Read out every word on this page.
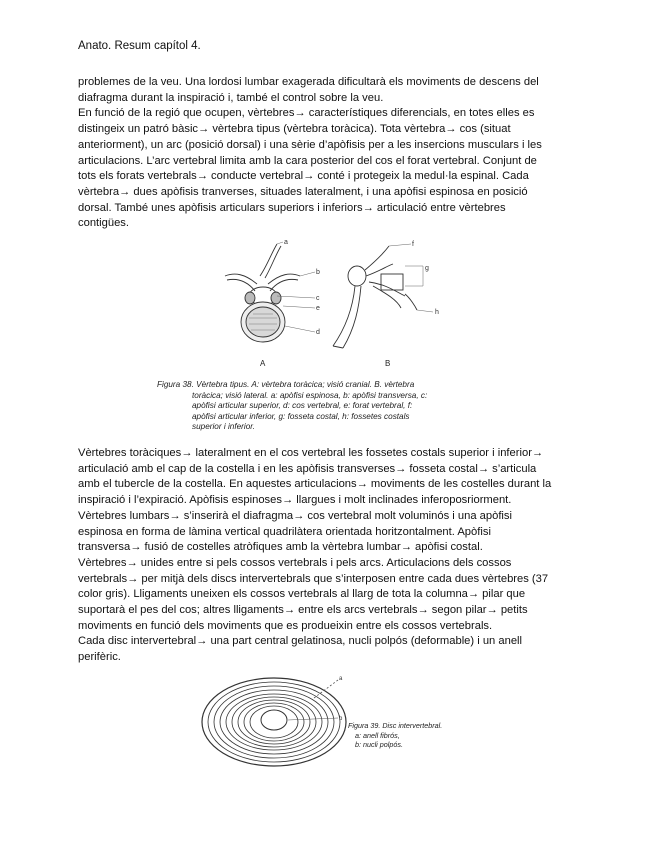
Anato. Resum capítol 4.

problemes de la veu. Una lordosi lumbar exagerada dificultarà els moviments de descens del

diafragma durant la inspiració i, també el control sobre la veu.

En funció de la regió que ocupen, vèrtebres→ característiques diferencials, en totes elles es

distingeix un patró bàsic→ vèrtebra tipus (vèrtebra toràcica). Tota vèrtebra→ cos (situat

anteriorment), un arc (posició dorsal) i una sèrie d’apòfisis per a les insercions musculars i les

articulacions. L’arc vertebral limita amb la cara posterior del cos el forat vertebral. Conjunt de

tots els forats vertebrals→ conducte vertebral→ conté i protegeix la medul·la espinal. Cada

vèrtebra→ dues apòfisis tranverses, situades lateralment, i una apòfisi espinosa en posició

dorsal. També unes apòfisis articulars superiors i inferiors→ articulació entre vèrtebres

contigües.

a
b
c
e
d
f
g
h
A	B
Figura 38. Vèrtebra tipus. A: vèrtebra toràcica; visió cranial. B. vèrtebra
toràcica; visió lateral. a: apòfisi espinosa, b: apòfisi transversa, c:
apòfisi articular superior, d: cos vertebral, e: forat vertebral, f:
apòfisi articular inferior, g: fosseta costal, h: fossetes costals
superior i inferior.

Vèrtebres toràciques→ lateralment en el cos vertebral les fossetes costals superior i inferior→

articulació amb el cap de la costella i en les apòfisis transverses→ fosseta costal→ s’articula

amb el tubercle de la costella. En aquestes articulacions→ moviments de les costelles durant la

inspiració i l’expiració. Apòfisis espinoses→ llargues i molt inclinades inferoposriorment.

Vèrtebres lumbars→ s’inserirà el diafragma→ cos vertebral molt voluminós i una apòfisi

espinosa en forma de làmina vertical quadrilàtera orientada horitzontalment. Apòfisi

transversa→ fusió de costelles atròfiques amb la vèrtebra lumbar→ apòfisi costal.

Vèrtebres→ unides entre si pels cossos vertebrals i pels arcs. Articulacions dels cossos

vertebrals→ per mitjà dels discs intervertebrals que s’interposen entre cada dues vèrtebres (37

color gris). Lligaments uneixen els cossos vertebrals al llarg de tota la columna→ pilar que

suportarà el pes del cos; altres lligaments→ entre els arcs vertebrals→ segon pilar→ petits

moviments en funció dels moviments que es produeixin entre els cossos vertebrals.

Cada disc intervertebral→ una part central gelatinosa, nucli polpós (deformable) i un anell

perifèric.

a
b
Figura 39. Disc intervertebral.
a: anell fibrós,
b: nucli polpós.
